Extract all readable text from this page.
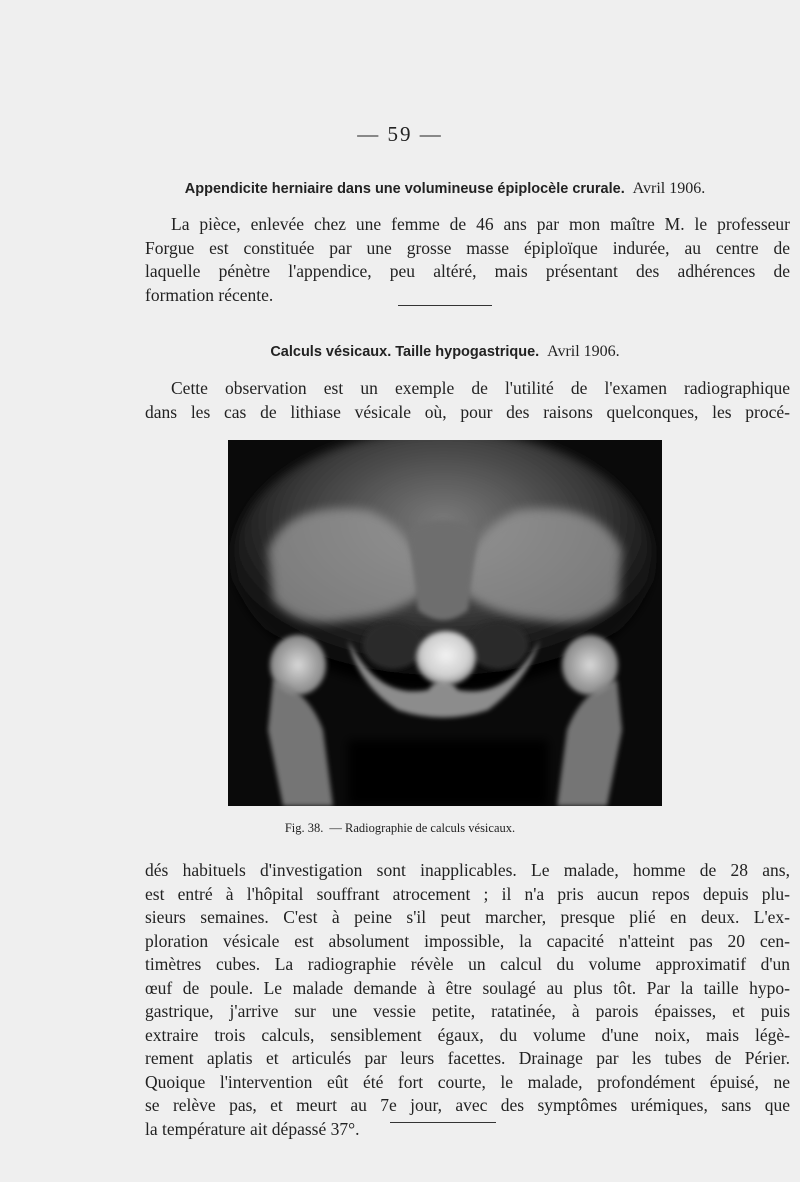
— 59 —
Appendicite herniaire dans une volumineuse épiplocèle crurale. Avril 1906.
La pièce, enlevée chez une femme de 46 ans par mon maître M. le professeur
Forgue est constituée par une grosse masse épiploïque indurée, au centre de
laquelle pénètre l'appendice, peu altéré, mais présentant des adhérences de
formation récente.
Calculs vésicaux. Taille hypogastrique. Avril 1906.
Cette observation est un exemple de l'utilité de l'examen radiographique
dans les cas de lithiase vésicale où, pour des raisons quelconques, les procé-
Fig. 38. — Radiographie de calculs vésicaux.
dés habituels d'investigation sont inapplicables. Le malade, homme de 28 ans,
est entré à l'hôpital souffrant atrocement ; il n'a pris aucun repos depuis plu-
sieurs semaines. C'est à peine s'il peut marcher, presque plié en deux. L'ex-
ploration vésicale est absolument impossible, la capacité n'atteint pas 20 cen-
timètres cubes. La radiographie révèle un calcul du volume approximatif d'un
œuf de poule. Le malade demande à être soulagé au plus tôt. Par la taille hypo-
gastrique, j'arrive sur une vessie petite, ratatinée, à parois épaisses, et puis
extraire trois calculs, sensiblement égaux, du volume d'une noix, mais légè-
rement aplatis et articulés par leurs facettes. Drainage par les tubes de Périer.
Quoique l'intervention eût été fort courte, le malade, profondément épuisé, ne
se relève pas, et meurt au 7e jour, avec des symptômes urémiques, sans que
la température ait dépassé 37°.
